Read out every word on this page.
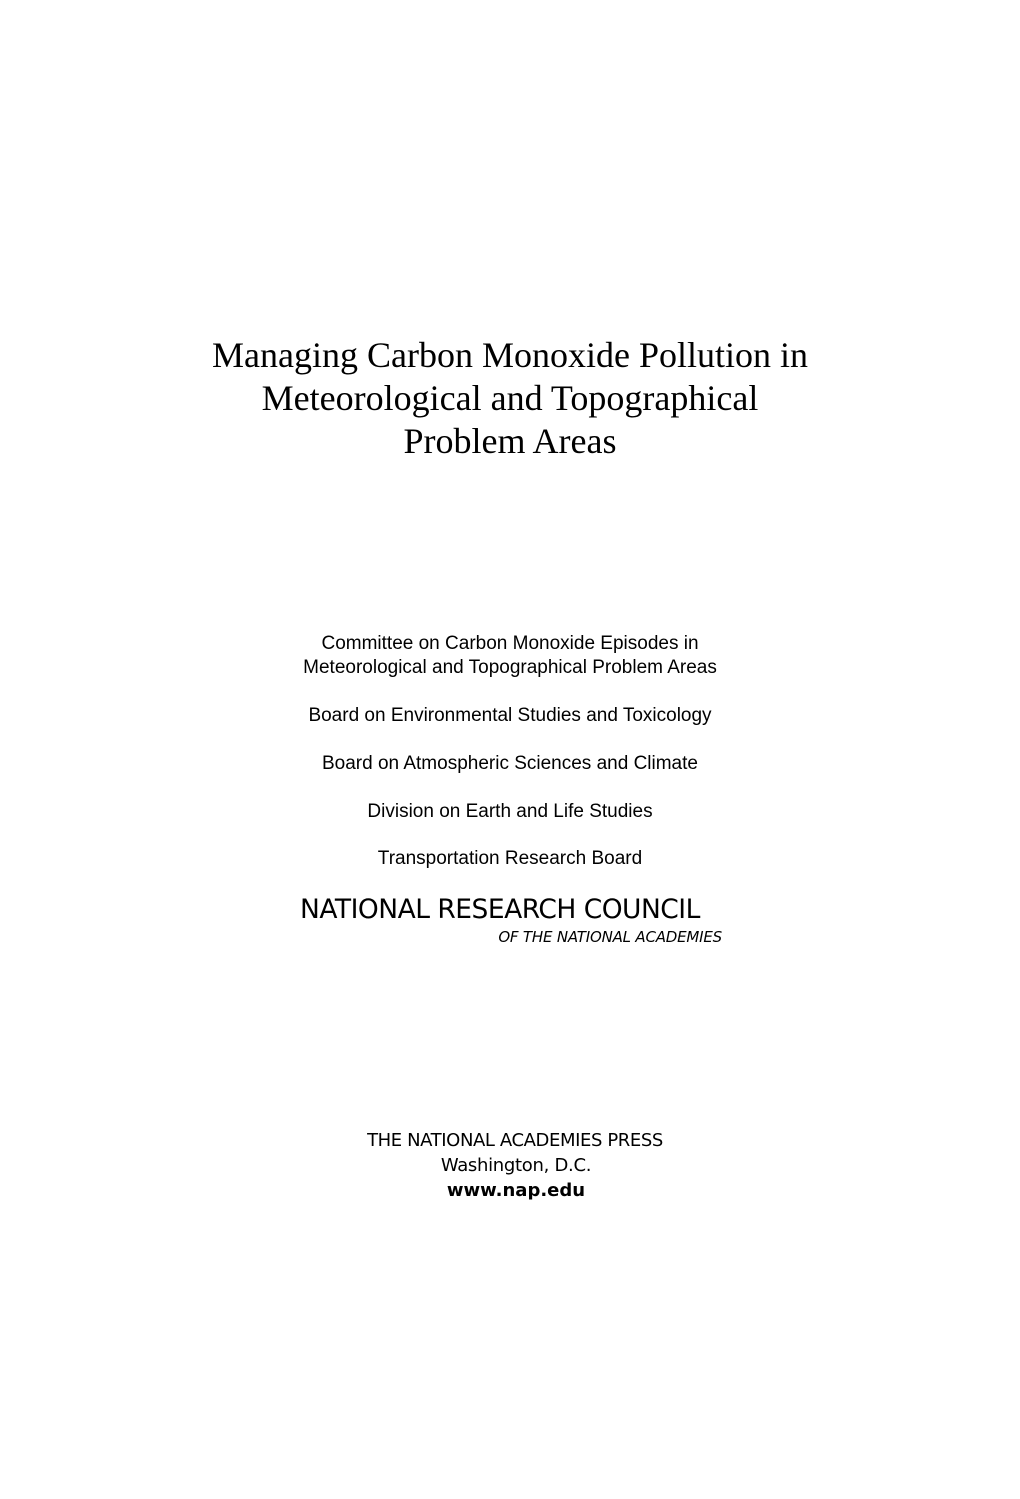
Managing Carbon Monoxide Pollution in
Meteorological and Topographical
Problem Areas

Committee on Carbon Monoxide Episodes in
Meteorological and Topographical Problem Areas

Board on Environmental Studies and Toxicology

Board on Atmospheric Sciences and Climate

Division on Earth and Life Studies

Transportation Research Board

NATIONAL RESEARCH COUNCIL
OF THE NATIONAL ACADEMIES
THE NATIONAL ACADEMIES PRESS
Washington, D.C.
www.nap.edu
